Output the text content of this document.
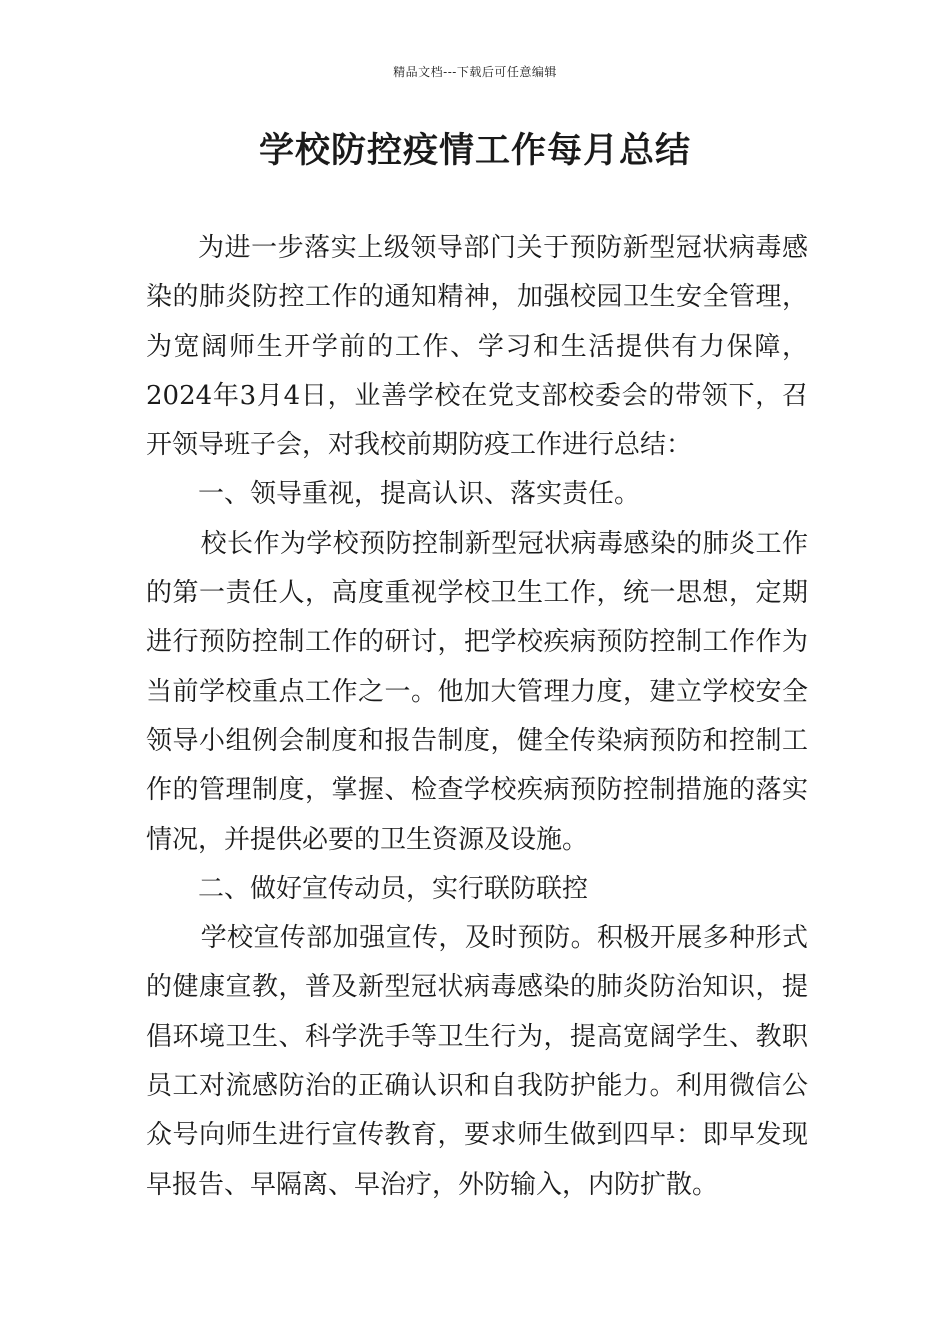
精品文档---下载后可任意编辑
学校防控疫情工作每月总结

为进一步落实上级领导部门关于预防新型冠状病毒感染的肺炎防控工作的通知精神，加强校园卫生安全管理，为宽阔师生开学前的工作、学习和生活提供有力保障，2024年3月4日，业善学校在党支部校委会的带领下，召开领导班子会，对我校前期防疫工作进行总结：

一、领导重视，提高认识、落实责任。

校长作为学校预防控制新型冠状病毒感染的肺炎工作的第一责任人，高度重视学校卫生工作，统一思想，定期进行预防控制工作的研讨，把学校疾病预防控制工作作为当前学校重点工作之一。他加大管理力度，建立学校安全领导小组例会制度和报告制度，健全传染病预防和控制工作的管理制度，掌握、检查学校疾病预防控制措施的落实情况，并提供必要的卫生资源及设施。

二、做好宣传动员，实行联防联控

学校宣传部加强宣传，及时预防。积极开展多种形式的健康宣教，普及新型冠状病毒感染的肺炎防治知识，提倡环境卫生、科学洗手等卫生行为，提高宽阔学生、教职员工对流感防治的正确认识和自我防护能力。利用微信公众号向师生进行宣传教育，要求师生做到四早：即早发现早报告、早隔离、早治疗，外防输入，内防扩散。
